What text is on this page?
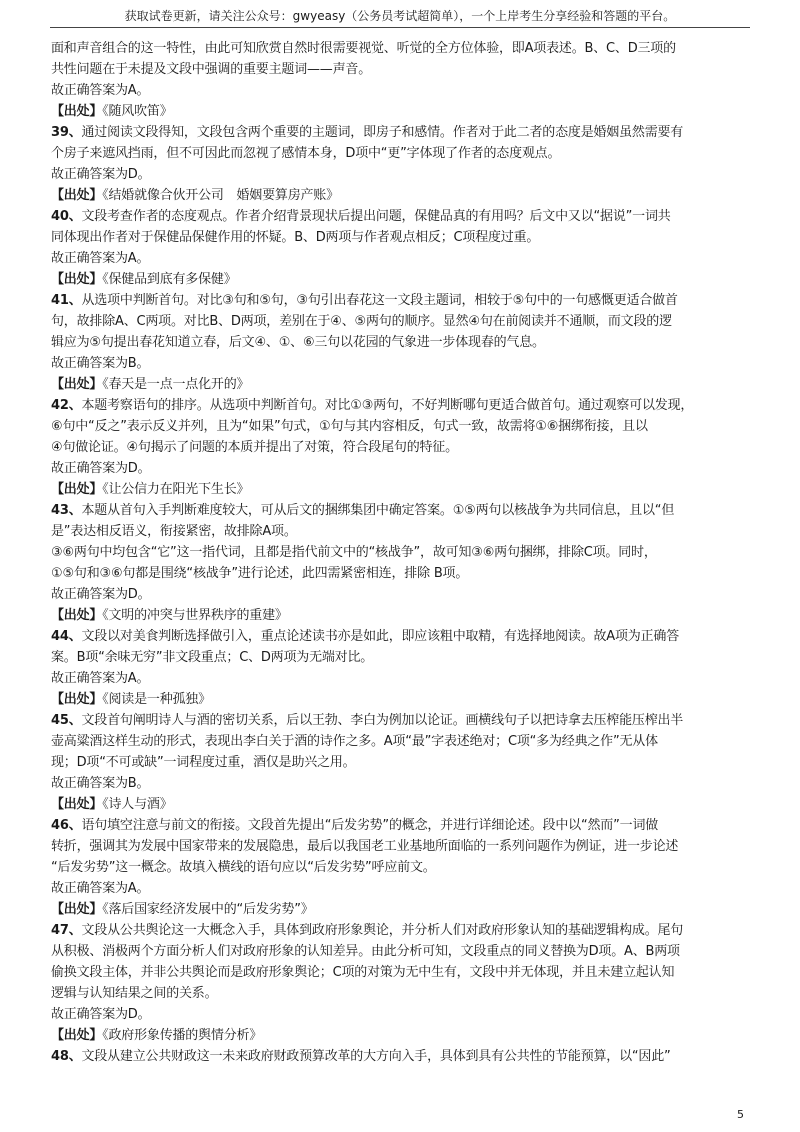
获取试卷更新，请关注公众号：gwyeasy（公务员考试超简单），一个上岸考生分享经验和答题的平台。

面和声音组合的这一特性，由此可知欣赏自然时很需要视觉、听觉的全方位体验，即A项表述。B、C、D三项的

共性问题在于未提及文段中强调的重要主题词——声音。

故正确答案为A。

【出处】《随风吹笛》

39、通过阅读文段得知，文段包含两个重要的主题词，即房子和感情。作者对于此二者的态度是婚姻虽然需要有

个房子来遮风挡雨，但不可因此而忽视了感情本身，D项中“更”字体现了作者的态度观点。

故正确答案为D。

【出处】《结婚就像合伙开公司　婚姻要算房产账》

40、文段考查作者的态度观点。作者介绍背景现状后提出问题，保健品真的有用吗？后文中又以“据说”一词共

同体现出作者对于保健品保健作用的怀疑。B、D两项与作者观点相反；C项程度过重。

故正确答案为A。

【出处】《保健品到底有多保健》

41、从选项中判断首句。对比③句和⑤句，③句引出春花这一文段主题词，相较于⑤句中的一句感慨更适合做首

句，故排除A、C两项。对比B、D两项，差别在于④、⑤两句的顺序。显然④句在前阅读并不通顺，而文段的逻

辑应为⑤句提出春花知道立春，后文④、①、⑥三句以花园的气象进一步体现春的气息。

故正确答案为B。

【出处】《春天是一点一点化开的》

42、本题考察语句的排序。从选项中判断首句。对比①③两句，不好判断哪句更适合做首句。通过观察可以发现，

⑥句中“反之”表示反义并列，且为“如果”句式，①句与其内容相反，句式一致，故需将①⑥捆绑衔接，且以

④句做论证。④句揭示了问题的本质并提出了对策，符合段尾句的特征。

故正确答案为D。

【出处】《让公信力在阳光下生长》

43、本题从首句入手判断难度较大，可从后文的捆绑集团中确定答案。①⑤两句以核战争为共同信息，且以“但

是”表达相反语义，衔接紧密，故排除A项。

③⑥两句中均包含“它”这一指代词，且都是指代前文中的“核战争”，故可知③⑥两句捆绑，排除C项。同时，

①⑤句和③⑥句都是围绕“核战争”进行论述，此四需紧密相连，排除 B项。

故正确答案为D。

【出处】《文明的冲突与世界秩序的重建》

44、文段以对美食判断选择做引入，重点论述读书亦是如此，即应该粗中取精，有选择地阅读。故A项为正确答

案。B项“余味无穷”非文段重点；C、D两项为无端对比。

故正确答案为A。

【出处】《阅读是一种孤独》

45、文段首句阐明诗人与酒的密切关系，后以王勃、李白为例加以论证。画横线句子以把诗拿去压榨能压榨出半

壶高粱酒这样生动的形式，表现出李白关于酒的诗作之多。A项“最”字表述绝对；C项“多为经典之作”无从体

现；D项“不可或缺”一词程度过重，酒仅是助兴之用。

故正确答案为B。

【出处】《诗人与酒》

46、语句填空注意与前文的衔接。文段首先提出“后发劣势”的概念，并进行详细论述。段中以“然而”一词做

转折，强调其为发展中国家带来的发展隐患，最后以我国老工业基地所面临的一系列问题作为例证，进一步论述

“后发劣势”这一概念。故填入横线的语句应以“后发劣势”呼应前文。

故正确答案为A。

【出处】《落后国家经济发展中的“后发劣势”》

47、文段从公共舆论这一大概念入手，具体到政府形象舆论，并分析人们对政府形象认知的基础逻辑构成。尾句

从积极、消极两个方面分析人们对政府形象的认知差异。由此分析可知，文段重点的同义替换为D项。A、B两项

偷换文段主体，并非公共舆论而是政府形象舆论；C项的对策为无中生有，文段中并无体现，并且未建立起认知

逻辑与认知结果之间的关系。

故正确答案为D。

【出处】《政府形象传播的舆情分析》

48、文段从建立公共财政这一未来政府财政预算改革的大方向入手，具体到具有公共性的节能预算，以“因此”

5
